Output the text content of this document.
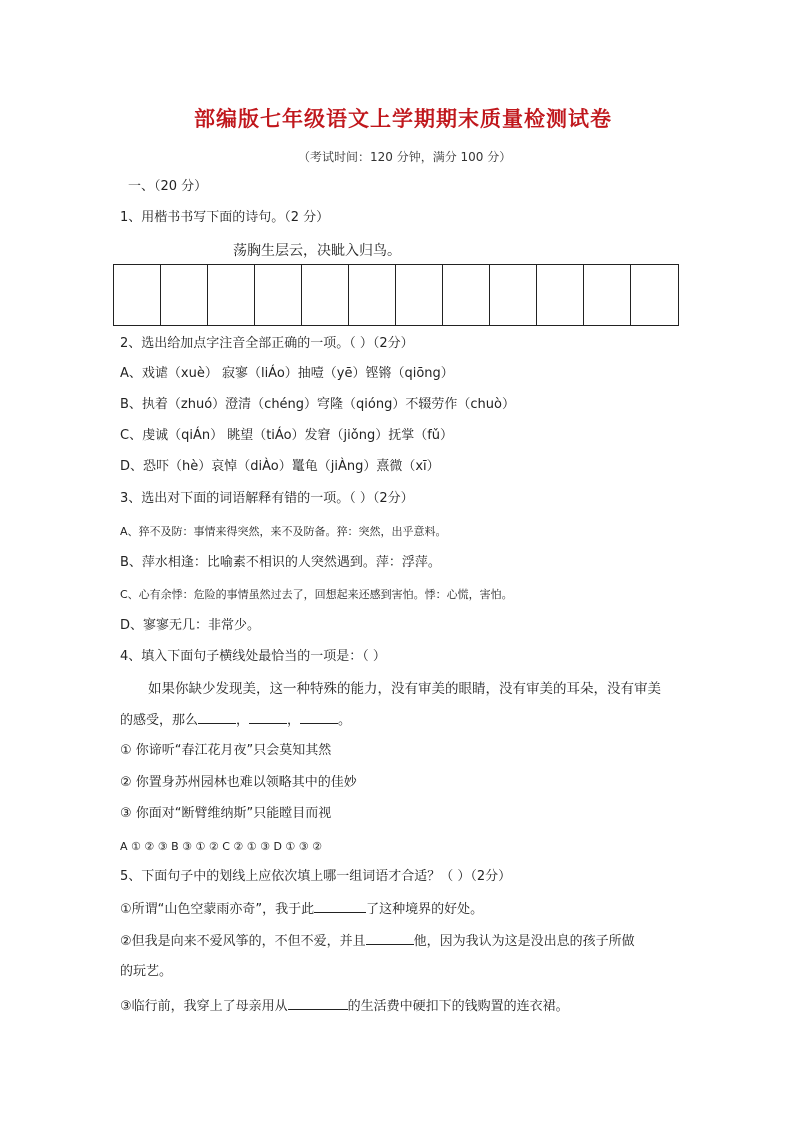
部编版七年级语文上学期期末质量检测试卷
（考试时间：120 分钟，满分 100 分）
一、（20 分）
1、用楷书书写下面的诗句。（2 分）
荡胸生层云，决眦入归鸟。
2、选出给加点字注音全部正确的一项。（ ）（2分）
A、戏谑（xuè） 寂寥（liÁo）抽噎（yē）铿锵（qiōng）
B、执着（zhuó）澄清（chéng）穹隆（qióng）不辍劳作（chuò）
C、虔诚（qiÁn） 眺望（tiÁo）发窘（jiǒng）抚掌（fǔ）
D、恐吓（hè）哀悼（diÀo）鼍龟（jiÀng）熹微（xī）
3、选出对下面的词语解释有错的一项。（ ）（2分）
A、猝不及防：事情来得突然，来不及防备。猝：突然，出乎意料。
B、萍水相逢：比喻素不相识的人突然遇到。萍：浮萍。
C、心有余悸：危险的事情虽然过去了，回想起来还感到害怕。悸：心慌，害怕。
D、寥寥无几：非常少。
4、填入下面句子横线处最恰当的一项是：（ ）
如果你缺少发现美，这一种特殊的能力，没有审美的眼睛，没有审美的耳朵，没有审美
的感受，那么	，	，	。
① 你谛听“春江花月夜”只会莫知其然
② 你置身苏州园林也难以领略其中的佳妙
③ 你面对“断臂维纳斯”只能瞠目而视
A ① ② ③ B ③ ① ② C ② ① ③ D ① ③ ②
5、下面句子中的划线上应依次填上哪一组词语才合适？（ ）（2分）
①所谓“山色空蒙雨亦奇”，我于此	了这种境界的好处。
②但我是向来不爱风筝的，不但不爱，并且	他，因为我认为这是没出息的孩子所做
的玩艺。
③临行前，我穿上了母亲用从	的生活费中硬扣下的钱购置的连衣裙。
